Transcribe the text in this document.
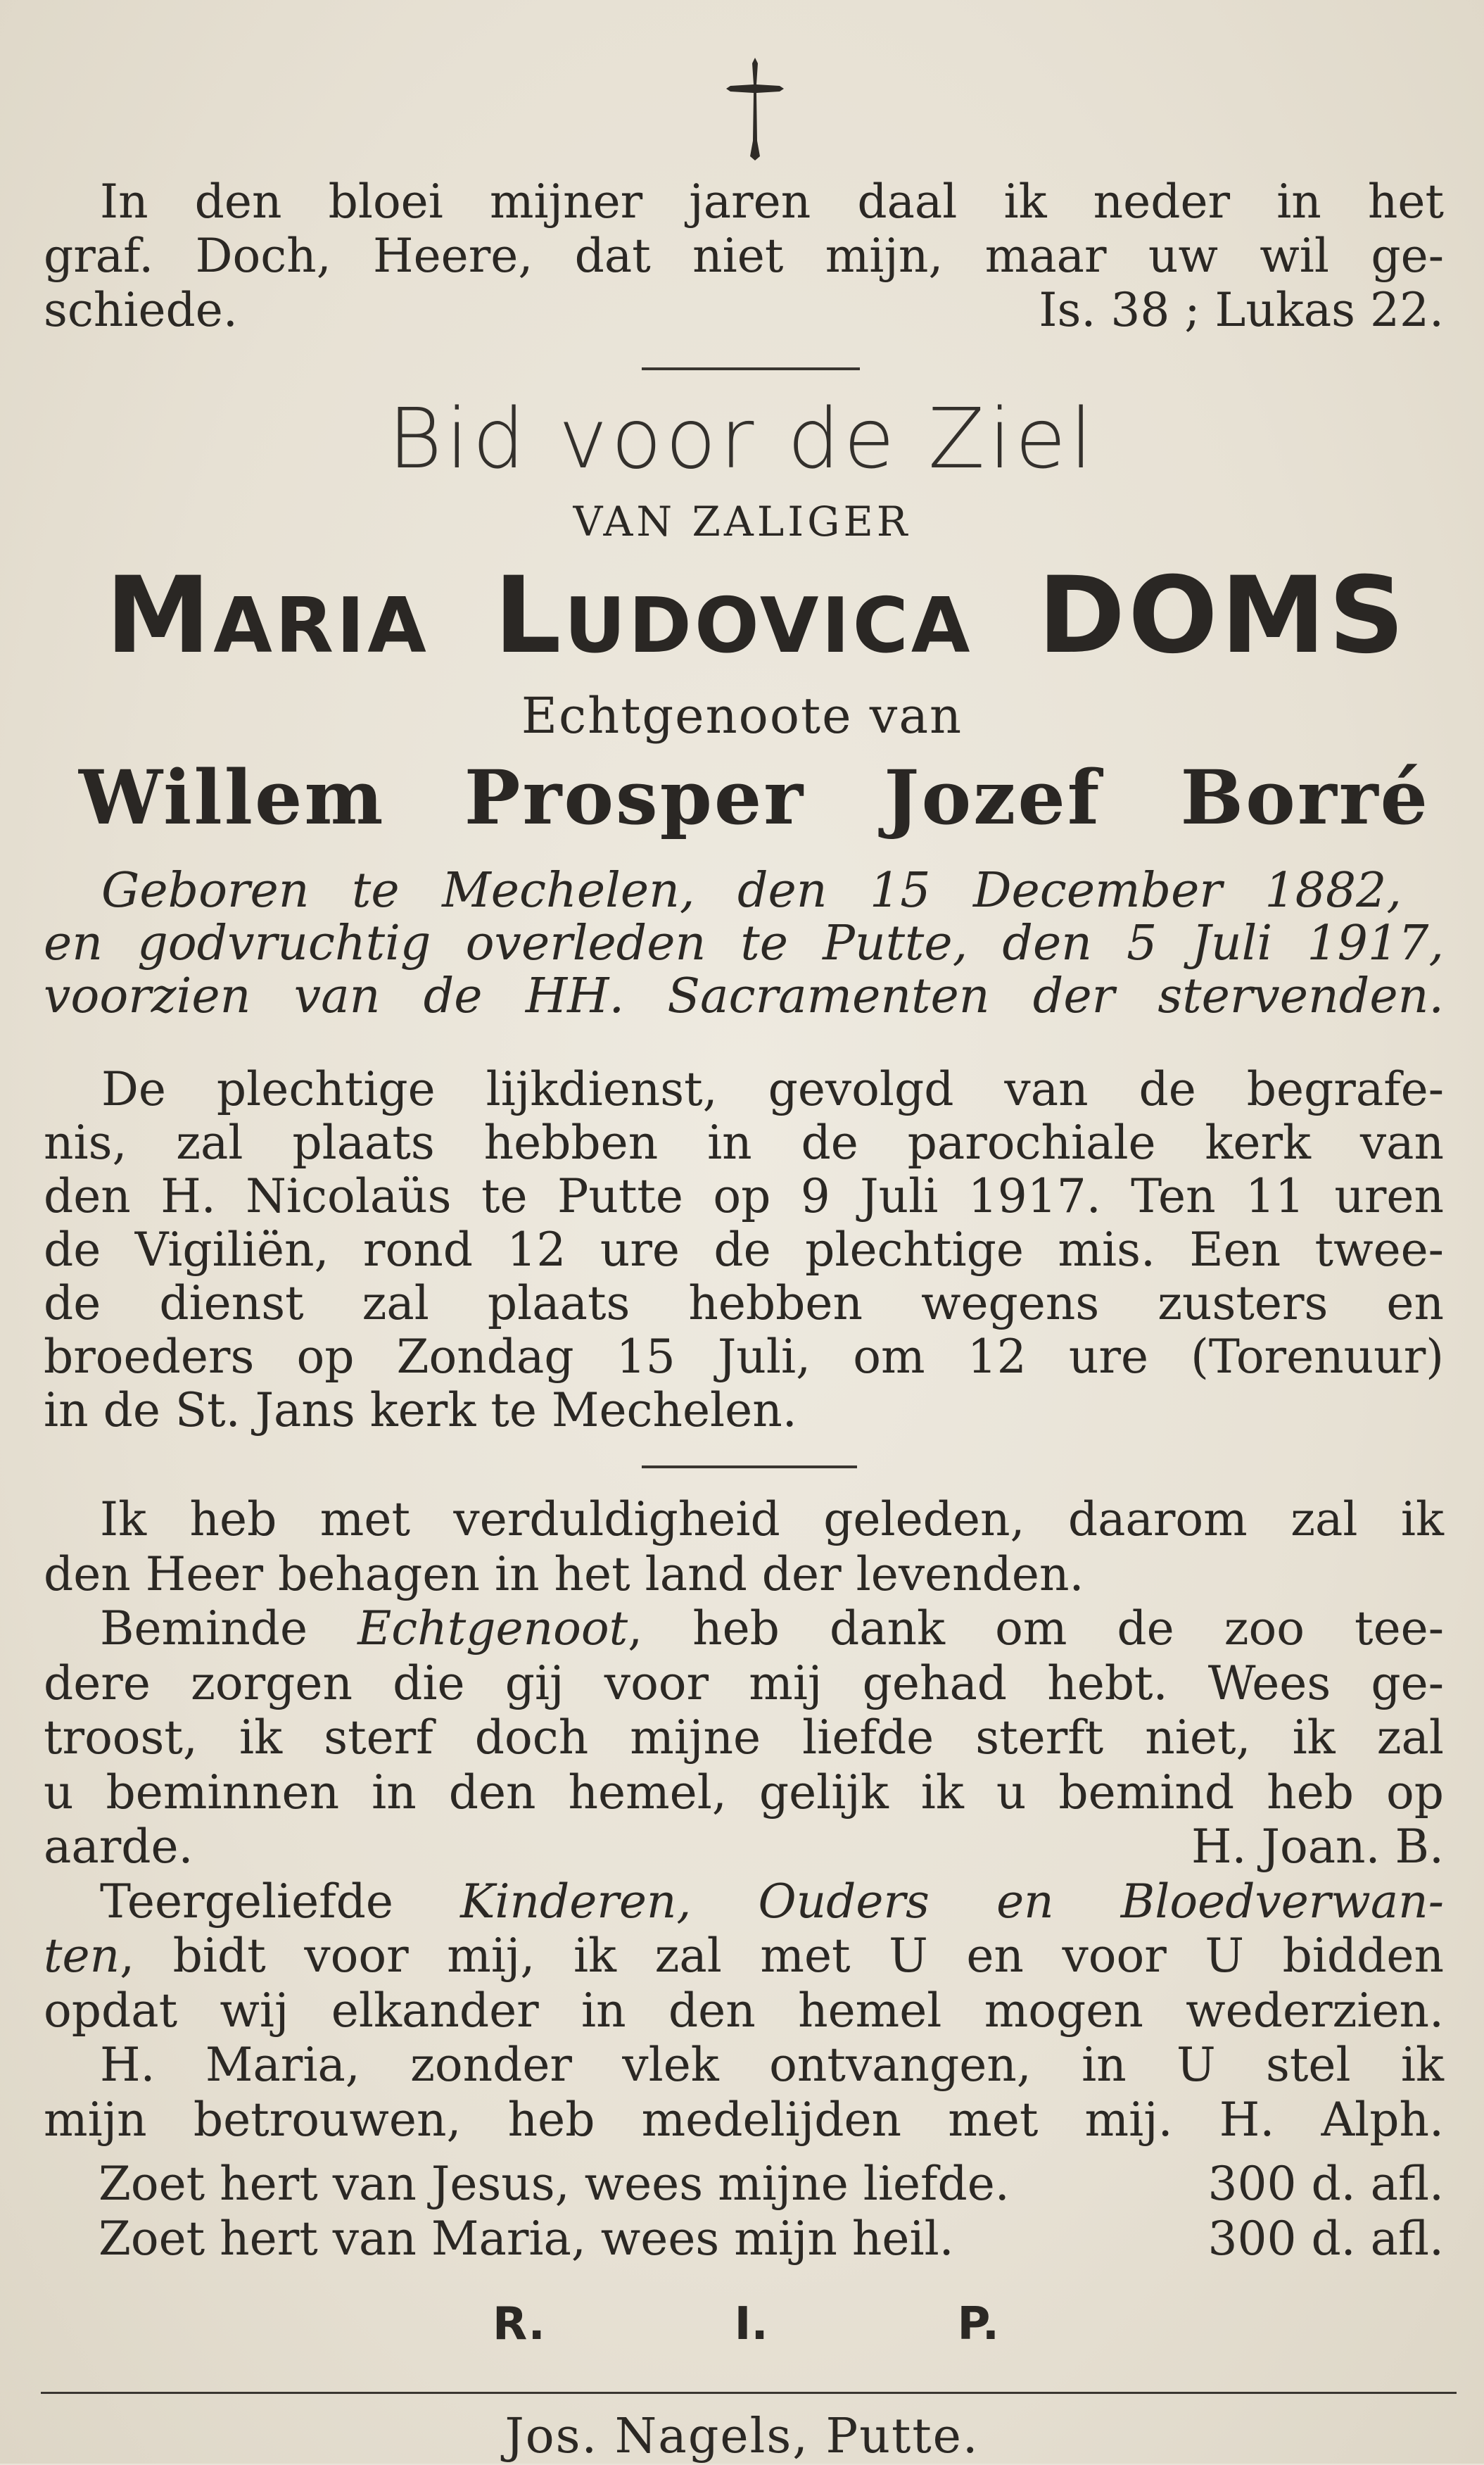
In den bloei mijner jaren daal ik neder in het
graf. Doch, Heere, dat niet mijn, maar uw wil ge-
schiede.	Is. 38 ; Lukas 22.
Bid voor de Ziel
VAN ZALIGER
MARIA LUDOVICA DOMS
Echtgenoote van
Willem Prosper Jozef Borré
Geboren te Mechelen, den 15 December 1882,
en godvruchtig overleden te Putte, den 5 Juli 1917,
voorzien van de HH. Sacramenten der stervenden.
De plechtige lijkdienst, gevolgd van de begrafe-
nis, zal plaats hebben in de parochiale kerk van
den H. Nicolaüs te Putte op 9 Juli 1917. Ten 11 uren
de Vigiliën, rond 12 ure de plechtige mis. Een twee-
de dienst zal plaats hebben wegens zusters en
broeders op Zondag 15 Juli, om 12 ure (Torenuur)
in de St. Jans kerk te Mechelen.
Ik heb met verduldigheid geleden, daarom zal ik
den Heer behagen in het land der levenden.
Beminde Echtgenoot, heb dank om de zoo tee-
dere zorgen die gij voor mij gehad hebt. Wees ge-
troost, ik sterf doch mijne liefde sterft niet, ik zal
u beminnen in den hemel, gelijk ik u bemind heb op
aarde.	H. Joan. B.
Teergeliefde Kinderen, Ouders en Bloedverwan-
ten, bidt voor mij, ik zal met U en voor U bidden
opdat wij elkander in den hemel mogen wederzien.
H. Maria, zonder vlek ontvangen, in U stel ik
mijn betrouwen, heb medelijden met mij. H. Alph.
Zoet hert van Jesus, wees mijne liefde.	300 d. afl.
Zoet hert van Maria, wees mijn heil.	300 d. afl.
R.	I.	P.
Jos. Nagels, Putte.
